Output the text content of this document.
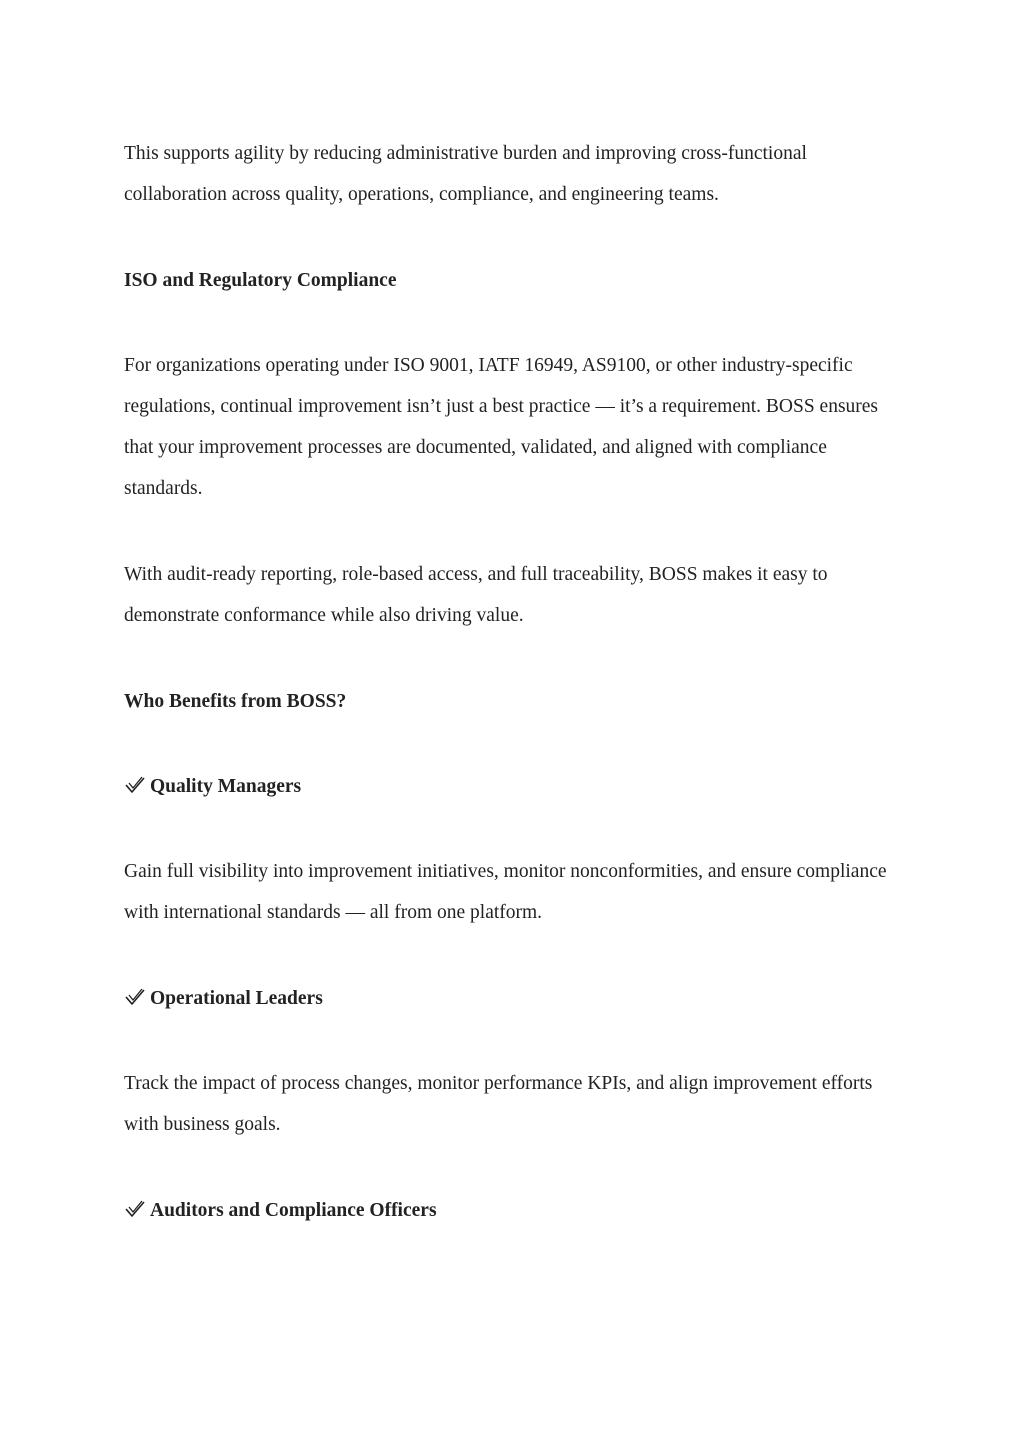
This supports agility by reducing administrative burden and improving cross-functional collaboration across quality, operations, compliance, and engineering teams.

ISO and Regulatory Compliance

For organizations operating under ISO 9001, IATF 16949, AS9100, or other industry-specific regulations, continual improvement isn’t just a best practice — it’s a requirement. BOSS ensures that your improvement processes are documented, validated, and aligned with compliance standards.

With audit-ready reporting, role-based access, and full traceability, BOSS makes it easy to demonstrate conformance while also driving value.

Who Benefits from BOSS?

Quality Managers

Gain full visibility into improvement initiatives, monitor nonconformities, and ensure compliance with international standards — all from one platform.

Operational Leaders

Track the impact of process changes, monitor performance KPIs, and align improvement efforts with business goals.

Auditors and Compliance Officers
